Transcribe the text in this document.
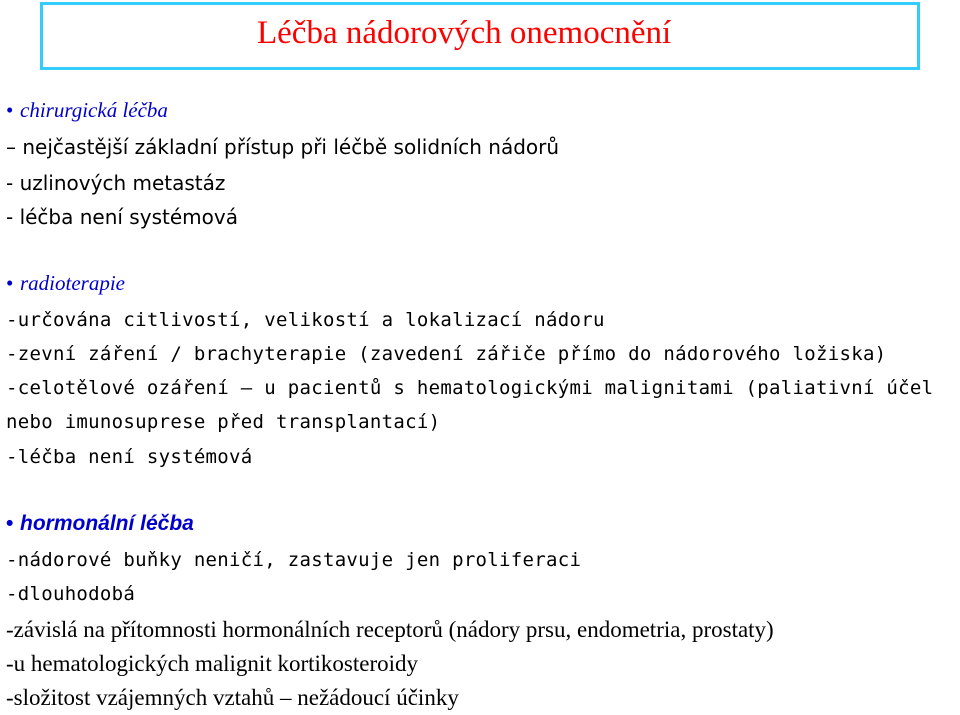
Léčba nádorových onemocnění
• chirurgická léčba
– nejčastější základní přístup při léčbě solidních nádorů
- uzlinových metastáz
- léčba není systémová
• radioterapie
-určována citlivostí, velikostí a lokalizací nádoru
-zevní záření / brachyterapie (zavedení zářiče přímo do nádorového ložiska)
-celotělové ozáření – u pacientů s hematologickými malignitami (paliativní účel
nebo imunosuprese před transplantací)
-léčba není systémová
• hormonální léčba
-nádorové buňky neničí, zastavuje jen proliferaci
-dlouhodobá
-závislá na přítomnosti hormonálních receptorů (nádory prsu, endometria, prostaty)
-u hematologických malignit kortikosteroidy
-složitost vzájemných vztahů – nežádoucí účinky
